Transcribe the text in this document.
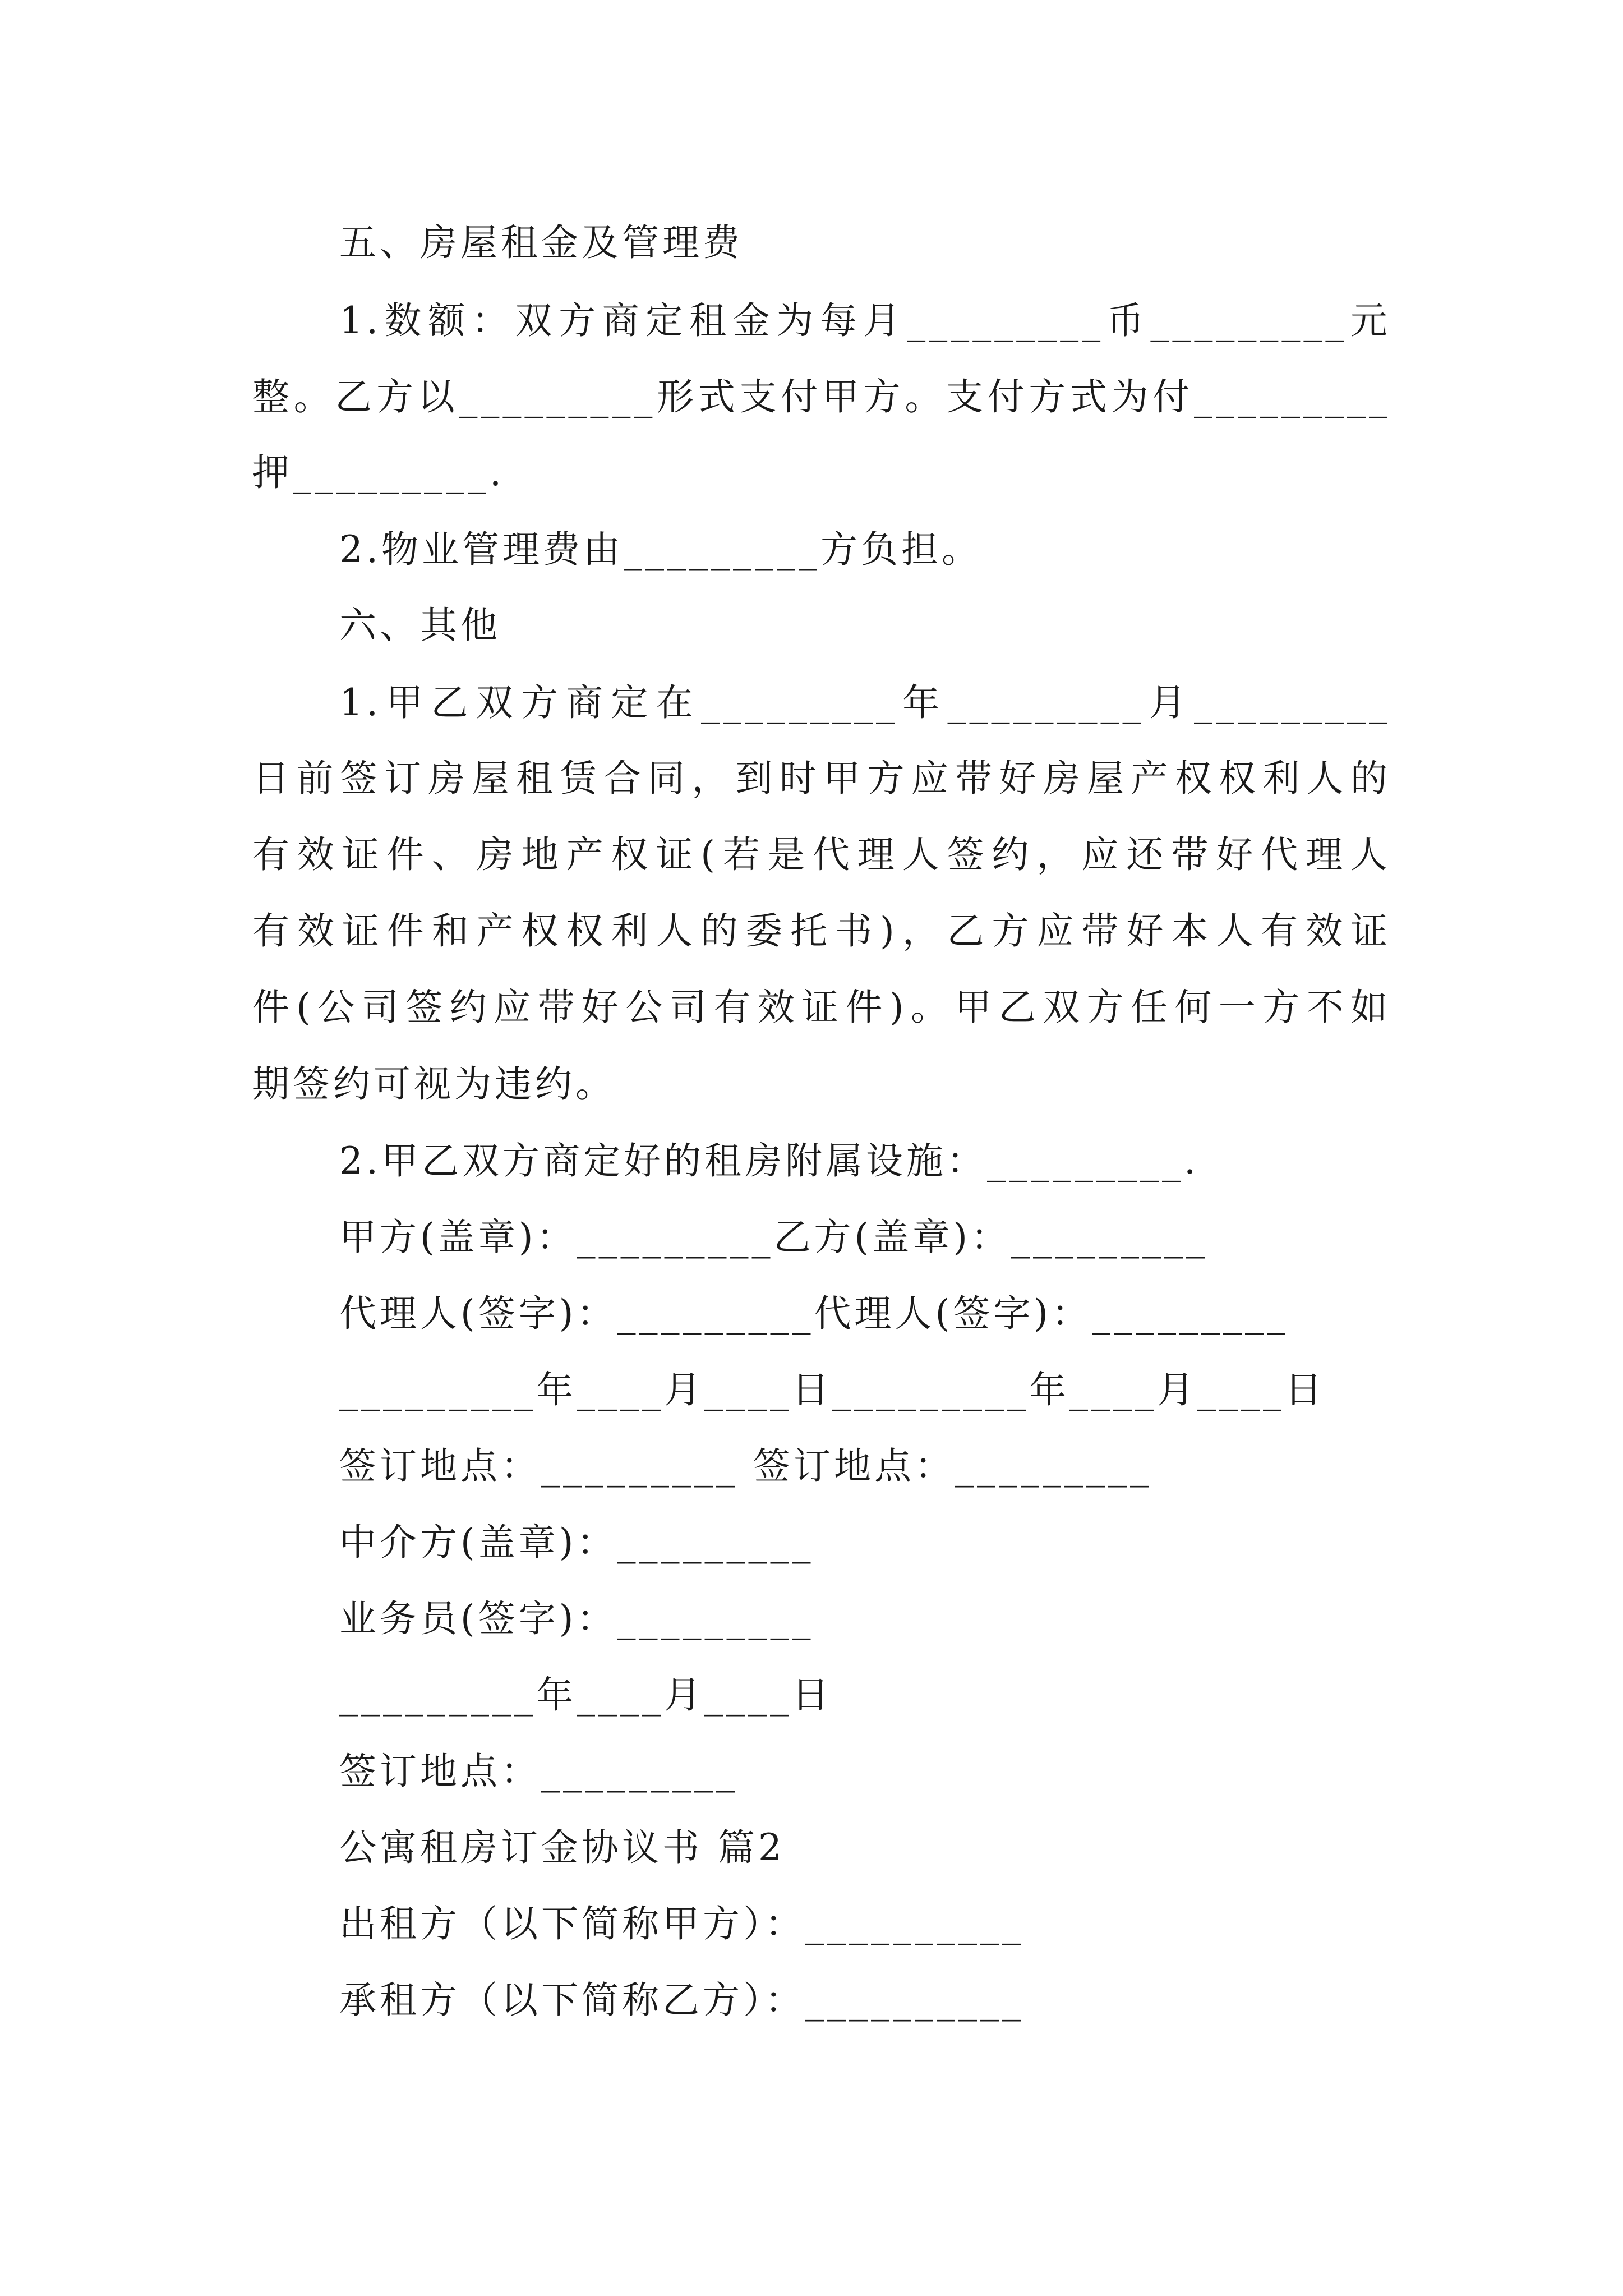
五、房屋租金及管理费
1.数额：双方商定租金为每月_________币_________元
整。乙方以_________形式支付甲方。支付方式为付_________
押_________.
2.物业管理费由_________方负担。
六、其他
1.甲乙双方商定在_________年_________月_________
日前签订房屋租赁合同，到时甲方应带好房屋产权权利人的
有效证件、房地产权证(若是代理人签约，应还带好代理人
有效证件和产权权利人的委托书)，乙方应带好本人有效证
件(公司签约应带好公司有效证件)。甲乙双方任何一方不如
期签约可视为违约。
2.甲乙双方商定好的租房附属设施：_________.
甲方(盖章)：_________乙方(盖章)：_________
代理人(签字)：_________代理人(签字)：_________
_________年____月____日_________年____月____日
签订地点：_________ 签订地点：_________
中介方(盖章)：_________
业务员(签字)：_________
_________年____月____日
签订地点：_________
公寓租房订金协议书 篇2
出租方（以下简称甲方）：__________
承租方（以下简称乙方）：__________
